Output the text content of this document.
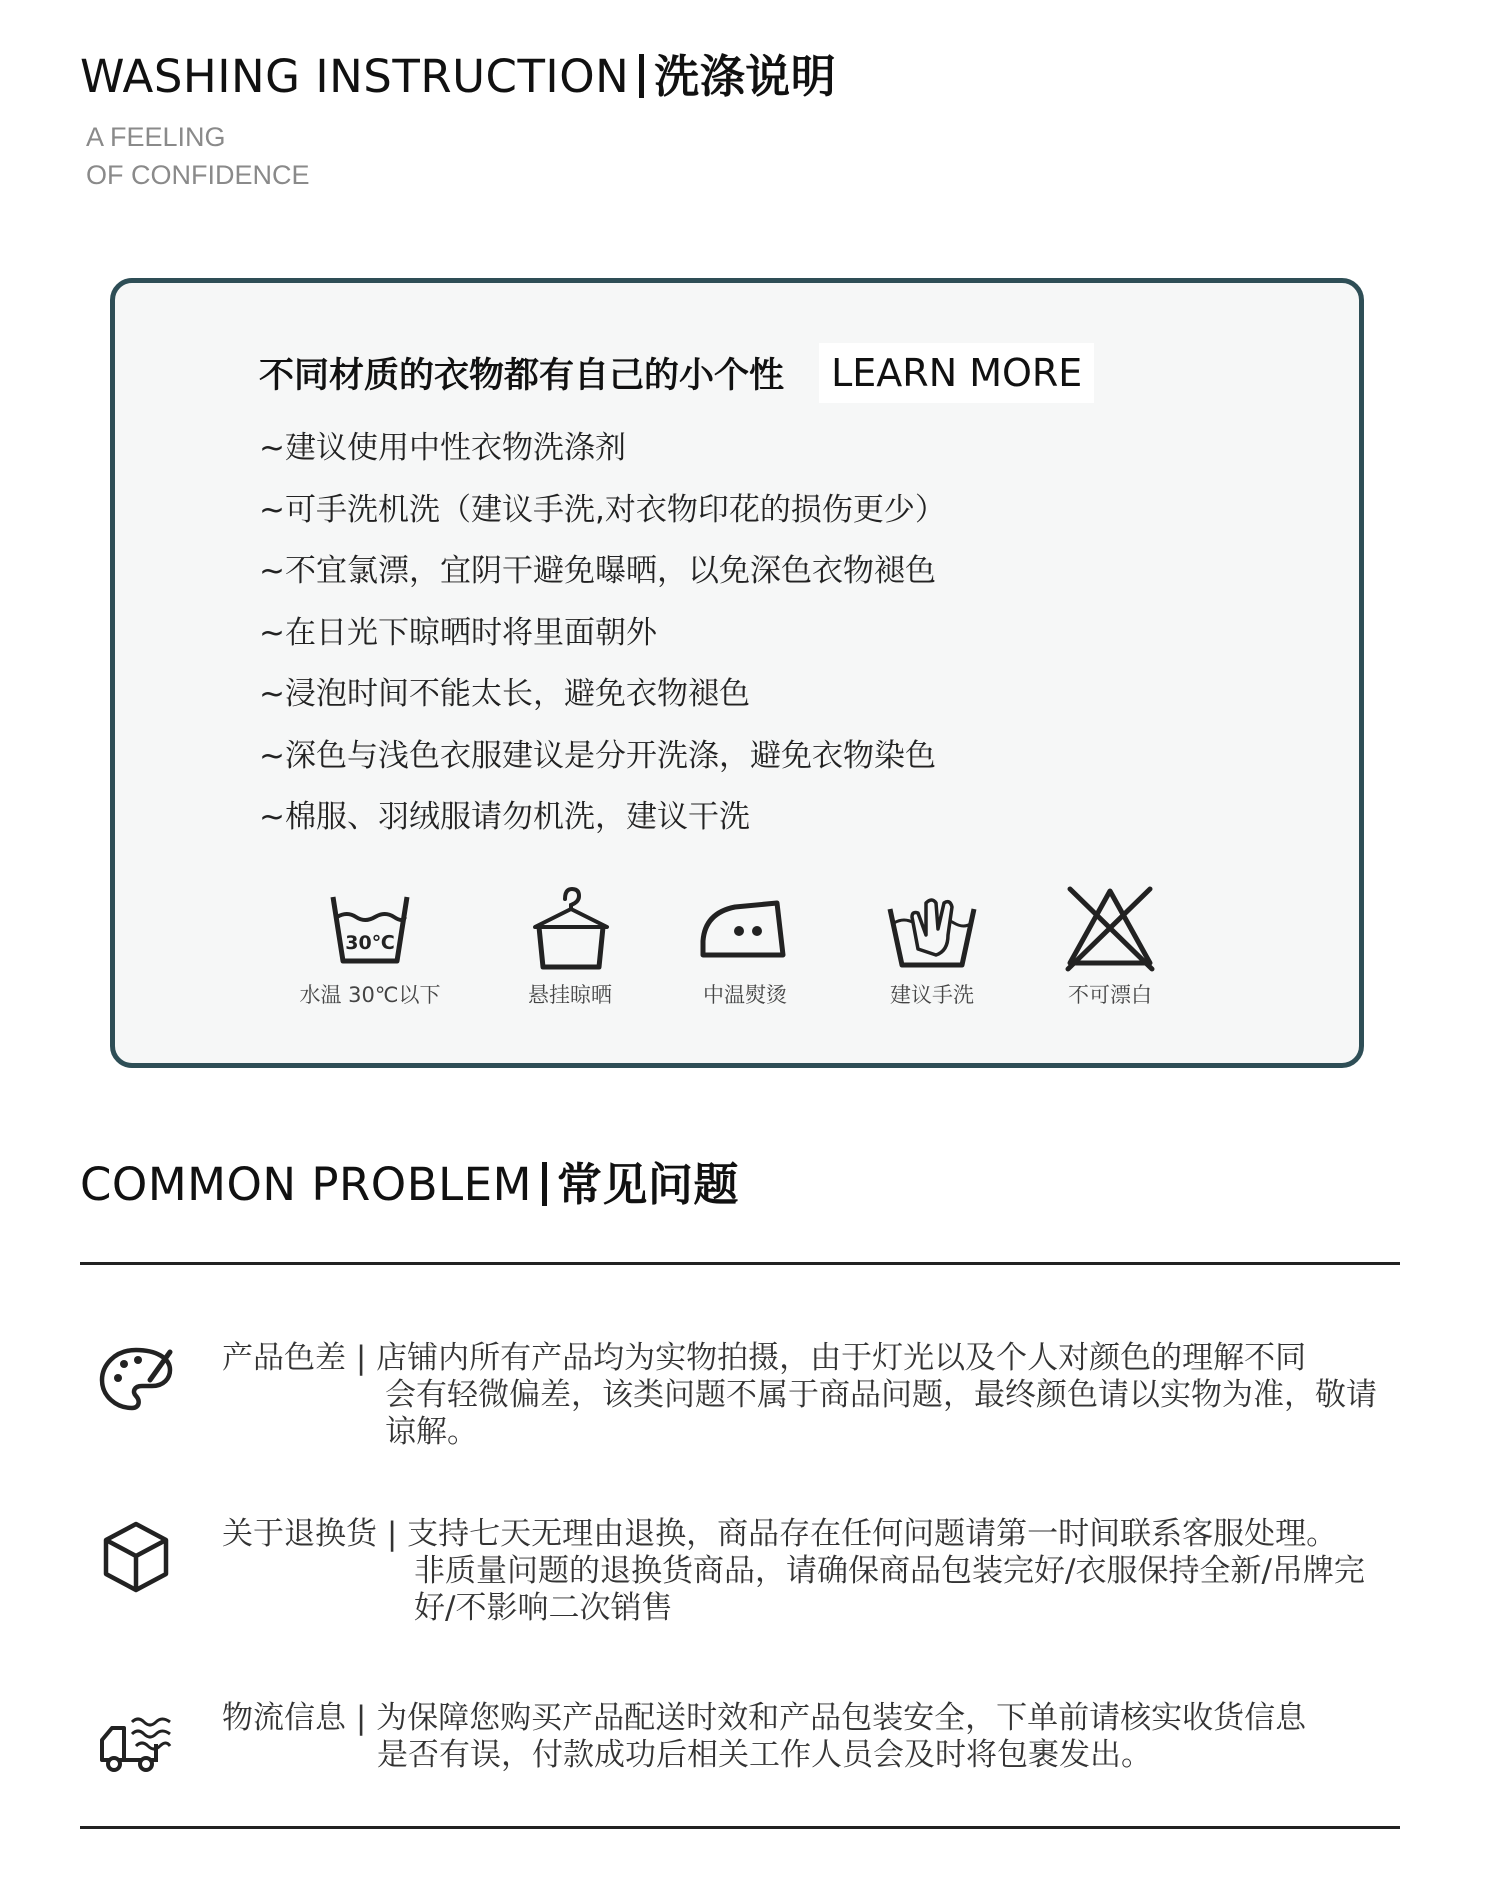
WASHING INSTRUCTION 洗涤说明
A FEELING
OF CONFIDENCE
不同材质的衣物都有自己的小个性 LEARN MORE
~建议使用中性衣物洗涤剂
~可手洗机洗（建议手洗,对衣物印花的损伤更少）
~不宜氯漂，宜阴干避免曝晒，以免深色衣物褪色
~在日光下晾晒时将里面朝外
~浸泡时间不能太长，避免衣物褪色
~深色与浅色衣服建议是分开洗涤，避免衣物染色
~棉服、羽绒服请勿机洗，建议干洗
30℃
水温 30℃以下	悬挂晾晒	中温熨烫	建议手洗	不可漂白
COMMON PROBLEM 常见问题
产品色差 | 店铺内所有产品均为实物拍摄，由于灯光以及个人对颜色的理解不同
会有轻微偏差，该类问题不属于商品问题，最终颜色请以实物为准，敬请谅解。
关于退换货 | 支持七天无理由退换，商品存在任何问题请第一时间联系客服处理。
非质量问题的退换货商品，请确保商品包装完好/衣服保持全新/吊牌完好/不影响二次销售
物流信息 | 为保障您购买产品配送时效和产品包装安全，下单前请核实收货信息
是否有误，付款成功后相关工作人员会及时将包裹发出。
